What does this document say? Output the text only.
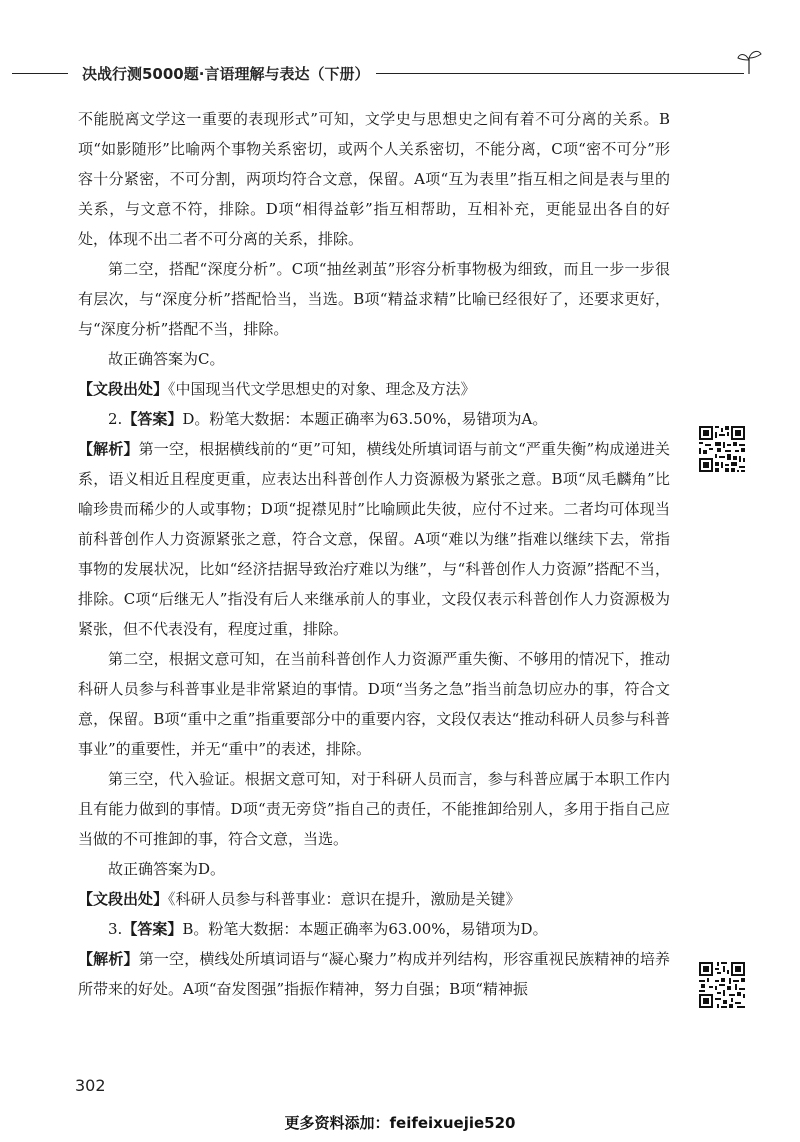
决战行测5000题·言语理解与表达（下册）

不能脱离文学这一重要的表现形式”可知，文学史与思想史之间有着不可分离的关系。B项“如影随形”比喻两个事物关系密切，或两个人关系密切，不能分离，C项“密不可分”形容十分紧密，不可分割，两项均符合文意，保留。A项“互为表里”指互相之间是表与里的关系，与文意不符，排除。D项“相得益彰”指互相帮助，互相补充，更能显出各自的好处，体现不出二者不可分离的关系，排除。

第二空，搭配“深度分析”。C项“抽丝剥茧”形容分析事物极为细致，而且一步一步很有层次，与“深度分析”搭配恰当，当选。B项“精益求精”比喻已经很好了，还要求更好，与“深度分析”搭配不当，排除。

故正确答案为C。

【文段出处】《中国现当代文学思想史的对象、理念及方法》

2.【答案】D。粉笔大数据：本题正确率为63.50%，易错项为A。

【解析】第一空，根据横线前的“更”可知，横线处所填词语与前文“严重失衡”构成递进关系，语义相近且程度更重，应表达出科普创作人力资源极为紧张之意。B项“凤毛麟角”比喻珍贵而稀少的人或事物；D项“捉襟见肘”比喻顾此失彼，应付不过来。二者均可体现当前科普创作人力资源紧张之意，符合文意，保留。A项“难以为继”指难以继续下去，常指事物的发展状况，比如“经济拮据导致治疗难以为继”，与“科普创作人力资源”搭配不当，排除。C项“后继无人”指没有后人来继承前人的事业，文段仅表示科普创作人力资源极为紧张，但不代表没有，程度过重，排除。

第二空，根据文意可知，在当前科普创作人力资源严重失衡、不够用的情况下，推动科研人员参与科普事业是非常紧迫的事情。D项“当务之急”指当前急切应办的事，符合文意，保留。B项“重中之重”指重要部分中的重要内容，文段仅表达“推动科研人员参与科普事业”的重要性，并无“重中”的表述，排除。

第三空，代入验证。根据文意可知，对于科研人员而言，参与科普应属于本职工作内且有能力做到的事情。D项“责无旁贷”指自己的责任，不能推卸给别人，多用于指自己应当做的不可推卸的事，符合文意，当选。

故正确答案为D。

【文段出处】《科研人员参与科普事业：意识在提升，激励是关键》

3.【答案】B。粉笔大数据：本题正确率为63.00%，易错项为D。

【解析】第一空，横线处所填词语与“凝心聚力”构成并列结构，形容重视民族精神的培养所带来的好处。A项“奋发图强”指振作精神，努力自强；B项“精神振

302
更多资料添加：feifeixuejie520
